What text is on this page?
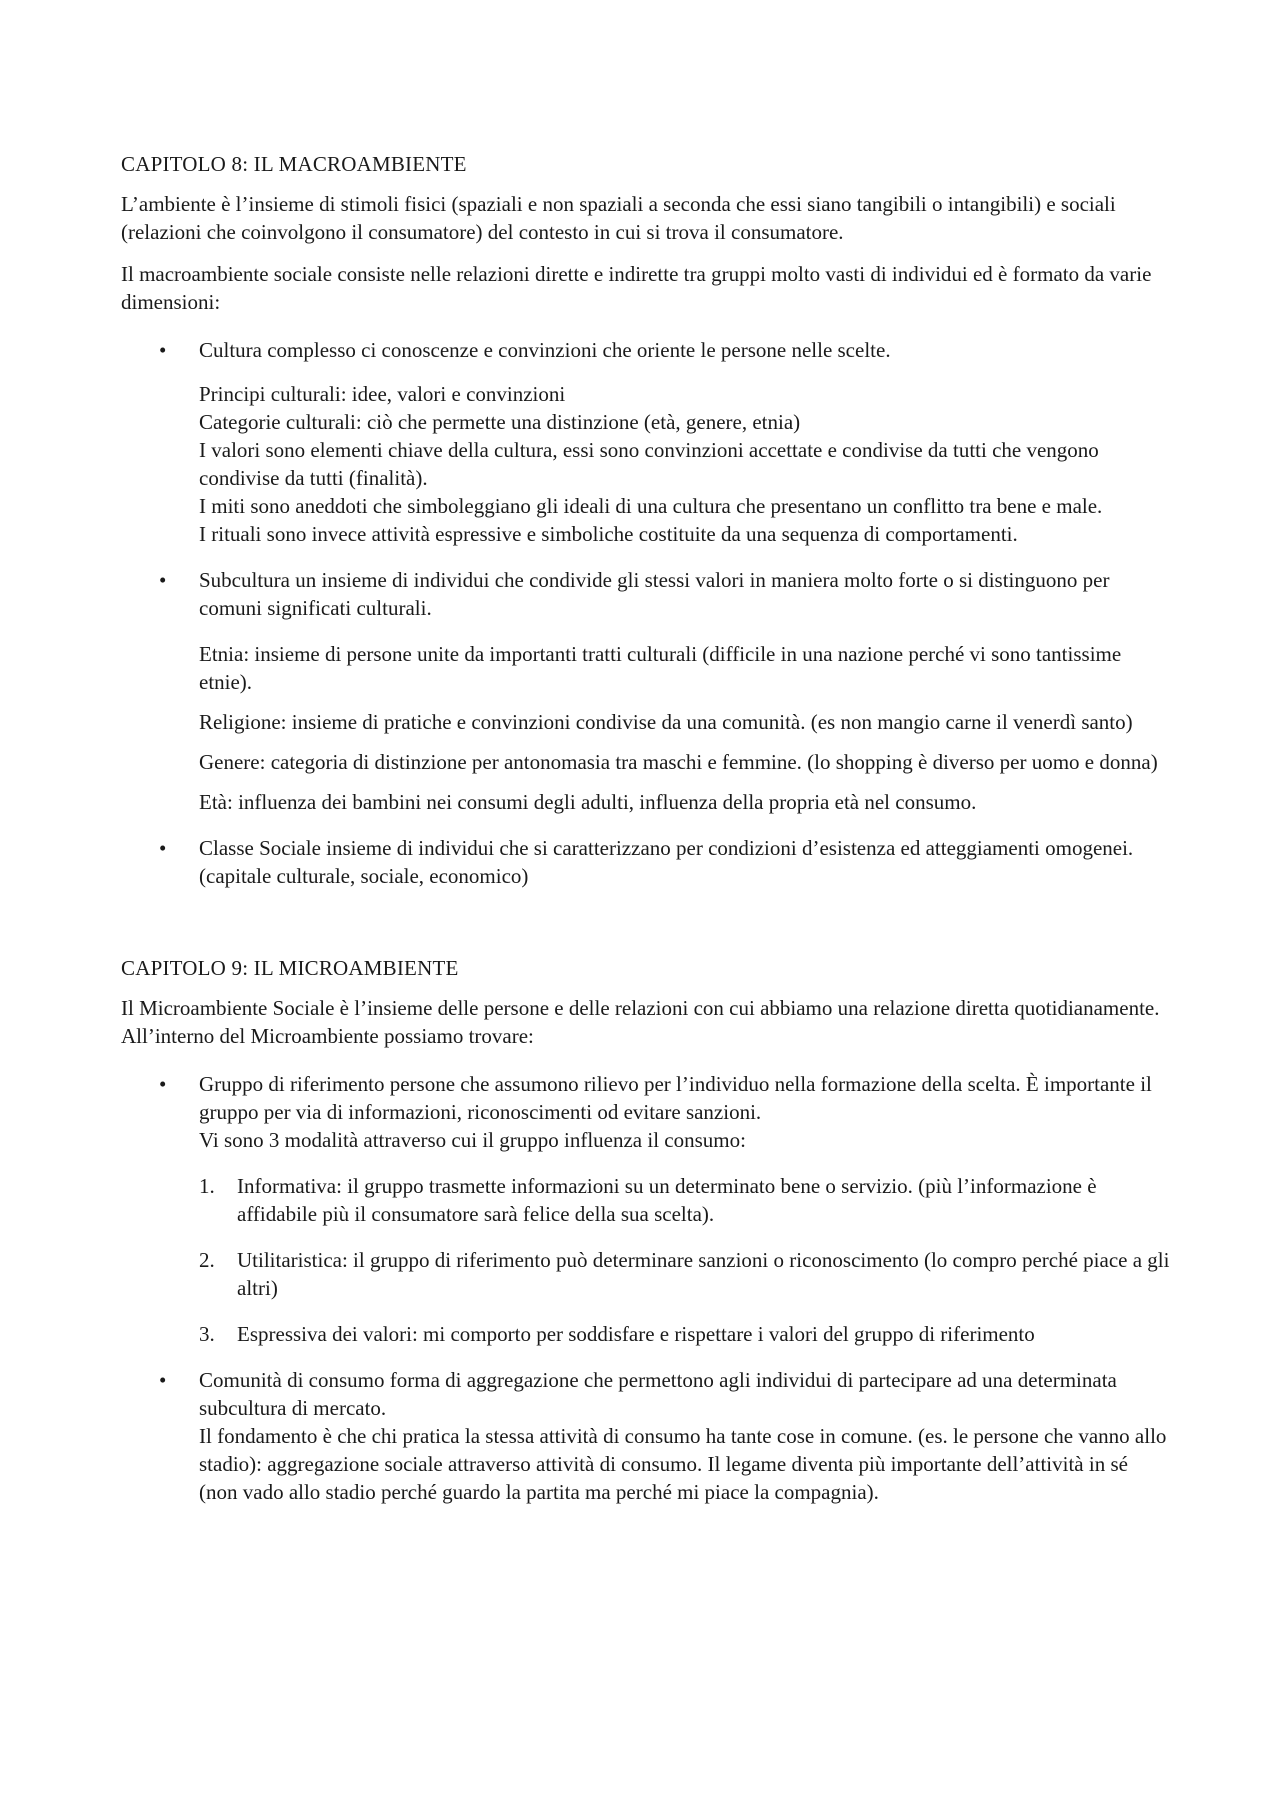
CAPITOLO 8: IL MACROAMBIENTE

L’ambiente è l’insieme di stimoli fisici (spaziali e non spaziali a seconda che essi siano tangibili o intangibili) e sociali (relazioni che coinvolgono il consumatore) del contesto in cui si trova il consumatore.

Il macroambiente sociale consiste nelle relazioni dirette e indirette tra gruppi molto vasti di individui ed è formato da varie dimensioni:

•	Cultura complesso ci conoscenze e convinzioni che oriente le persone nelle scelte.
Principi culturali: idee, valori e convinzioni
Categorie culturali: ciò che permette una distinzione (età, genere, etnia)
I valori sono elementi chiave della cultura, essi sono convinzioni accettate e condivise da tutti che vengono condivise da tutti (finalità).
I miti sono aneddoti che simboleggiano gli ideali di una cultura che presentano un conflitto tra bene e male.
I rituali sono invece attività espressive e simboliche costituite da una sequenza di comportamenti.
•	Subcultura un insieme di individui che condivide gli stessi valori in maniera molto forte o si distinguono per comuni significati culturali.

Etnia: insieme di persone unite da importanti tratti culturali (difficile in una nazione perché vi sono tantissime etnie).

Religione: insieme di pratiche e convinzioni condivise da una comunità. (es non mangio carne il venerdì santo)

Genere: categoria di distinzione per antonomasia tra maschi e femmine. (lo shopping è diverso per uomo e donna)

Età: influenza dei bambini nei consumi degli adulti, influenza della propria età nel consumo.

•	Classe Sociale insieme di individui che si caratterizzano per condizioni d’esistenza ed atteggiamenti omogenei. (capitale culturale, sociale, economico)
CAPITOLO 9: IL MICROAMBIENTE

Il Microambiente Sociale è l’insieme delle persone e delle relazioni con cui abbiamo una relazione diretta quotidianamente.

All’interno del Microambiente possiamo trovare:

•	Gruppo di riferimento persone che assumono rilievo per l’individuo nella formazione della scelta. È importante il gruppo per via di informazioni, riconoscimenti od evitare sanzioni.
Vi sono 3 modalità attraverso cui il gruppo influenza il consumo:
1.	Informativa: il gruppo trasmette informazioni su un determinato bene o servizio. (più l’informazione è affidabile più il consumatore sarà felice della sua scelta).
2.	Utilitaristica: il gruppo di riferimento può determinare sanzioni o riconoscimento (lo compro perché piace a gli altri)
3.	Espressiva dei valori: mi comporto per soddisfare e rispettare i valori del gruppo di riferimento
•	Comunità di consumo forma di aggregazione che permettono agli individui di partecipare ad una determinata subcultura di mercato.
Il fondamento è che chi pratica la stessa attività di consumo ha tante cose in comune. (es. le persone che vanno allo stadio): aggregazione sociale attraverso attività di consumo. Il legame diventa più importante dell’attività in sé (non vado allo stadio perché guardo la partita ma perché mi piace la compagnia).
